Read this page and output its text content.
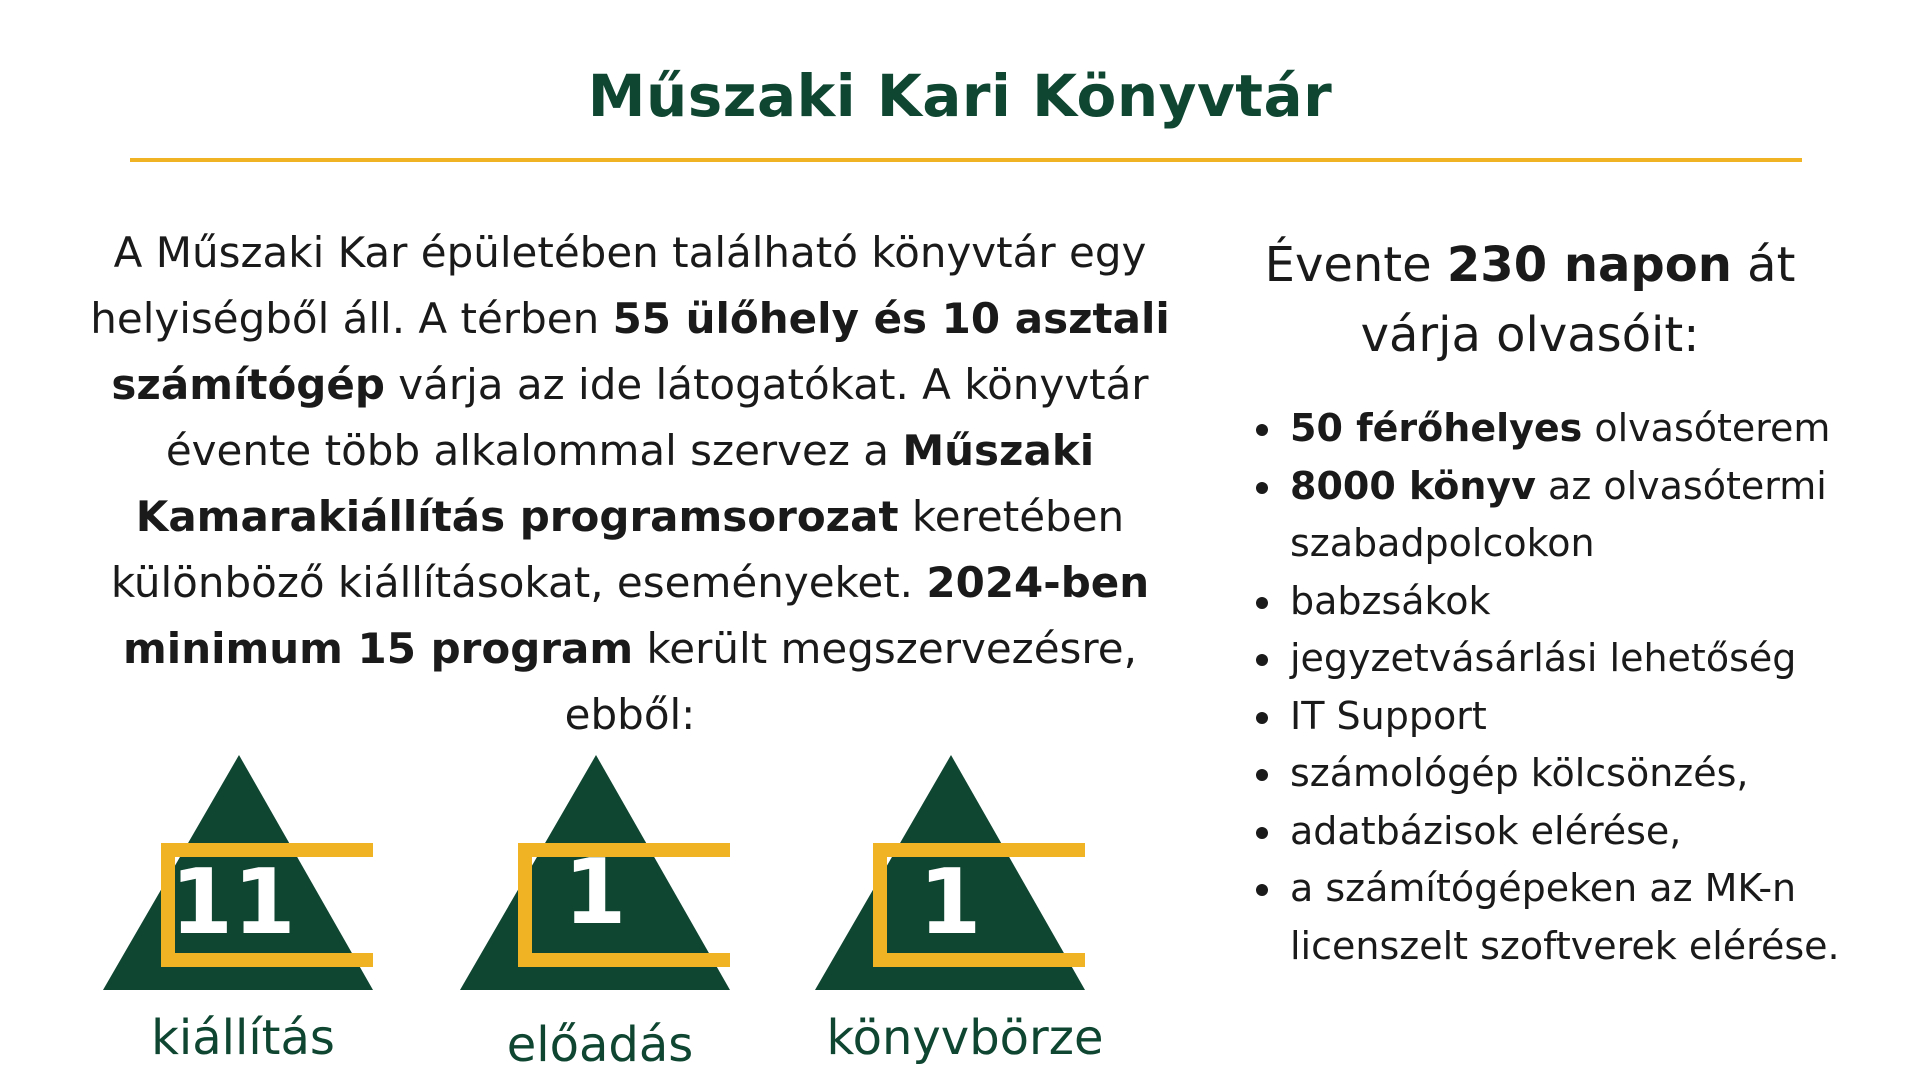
Műszaki Kari Könyvtár
A Műszaki Kar épületében található könyvtár egy helyiségből áll. A térben 55 ülőhely és 10 asztali számítógép várja az ide látogatókat. A könyvtár évente több alkalommal szervez a Műszaki Kamarakiállítás programsorozat keretében különböző kiállításokat, eseményeket. 2024-ben minimum 15 program került megszervezésre, ebből:
11
kiállítás
1
előadás
1
könyvbörze
Évente 230 napon át várja olvasóit:
50 férőhelyes olvasóterem
8000 könyv az olvasótermi szabadpolcokon
babzsákok
jegyzetvásárlási lehetőség
IT Support
számológép kölcsönzés,
adatbázisok elérése,
a számítógépeken az MK-n licenszelt szoftverek elérése.
